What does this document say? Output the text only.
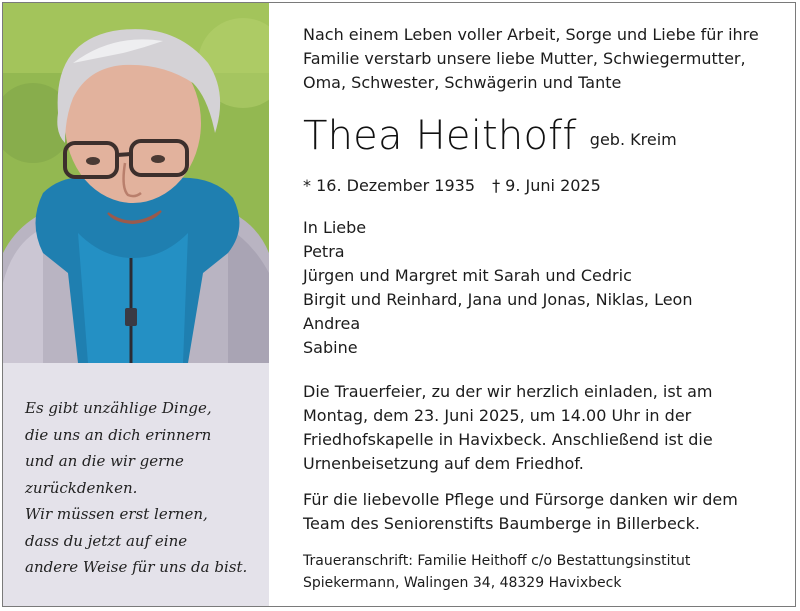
Es gibt unzählige Dinge,
die uns an dich erinnern
und an die wir gerne
zurückdenken.
Wir müssen erst lernen,
dass du jetzt auf eine
andere Weise für uns da bist.
Nach einem Leben voller Arbeit, Sorge und Liebe für ihre
Familie verstarb unsere liebe Mutter, Schwiegermutter,
Oma, Schwester, Schwägerin und Tante
Thea Heithoff geb. Kreim
* 16. Dezember 1935 † 9. Juni 2025
In Liebe
Petra
Jürgen und Margret mit Sarah und Cedric
Birgit und Reinhard, Jana und Jonas, Niklas, Leon
Andrea
Sabine
Die Trauerfeier, zu der wir herzlich einladen, ist am
Montag, dem 23. Juni 2025, um 14.00 Uhr in der
Friedhofskapelle in Havixbeck. Anschließend ist die
Urnenbeisetzung auf dem Friedhof.
Für die liebevolle Pflege und Fürsorge danken wir dem
Team des Seniorenstifts Baumberge in Billerbeck.
Traueranschrift: Familie Heithoff c/o Bestattungsinstitut
Spiekermann, Walingen 34, 48329 Havixbeck
